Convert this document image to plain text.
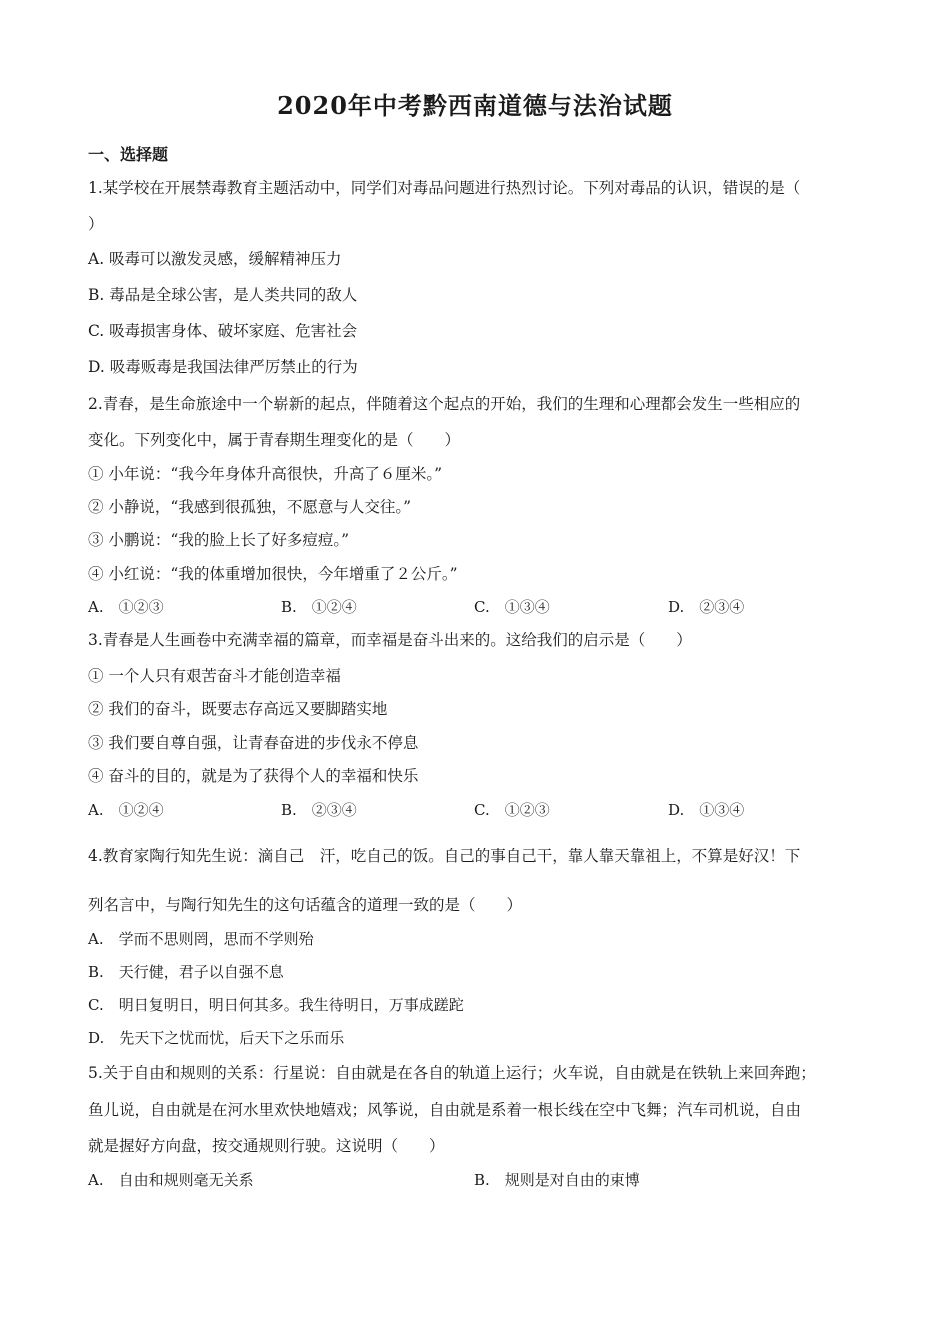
2020年中考黔西南道德与法治试题
一、选择题
1.某学校在开展禁毒教育主题活动中，同学们对毒品问题进行热烈讨论。下列对毒品的认识，错误的是（
）
A. 吸毒可以激发灵感，缓解精神压力
B. 毒品是全球公害，是人类共同的敌人
C. 吸毒损害身体、破坏家庭、危害社会
D. 吸毒贩毒是我国法律严厉禁止的行为
2.青春，是生命旅途中一个崭新的起点，伴随着这个起点的开始，我们的生理和心理都会发生一些相应的
变化。下列变化中，属于青春期生理变化的是（　　）
① 小年说：“我今年身体升高很快，升高了６厘米。”
② 小静说，“我感到很孤独，不愿意与人交往。”
③ 小鹏说：“我的脸上长了好多痘痘。”
④ 小红说：“我的体重增加很快，今年增重了２公斤。”
A.　①②③	B.　①②④	C.　①③④	D.　②③④
3.青春是人生画卷中充满幸福的篇章，而幸福是奋斗出来的。这给我们的启示是（　　）
① 一个人只有艰苦奋斗才能创造幸福
② 我们的奋斗，既要志存高远又要脚踏实地
③ 我们要自尊自强，让青春奋进的步伐永不停息
④ 奋斗的目的，就是为了获得个人的幸福和快乐
A.　①②④	B.　②③④	C.　①②③	D.　①③④
4.教育家陶行知先生说：滴自己　汗，吃自己的饭。自己的事自己干，靠人靠天靠祖上，不算是好汉！下
列名言中，与陶行知先生的这句话蕴含的道理一致的是（　　）
A.　学而不思则罔，思而不学则殆
B.　天行健，君子以自强不息
C.　明日复明日，明日何其多。我生待明日，万事成蹉跎
D.　先天下之忧而忧，后天下之乐而乐
5.关于自由和规则的关系：行星说：自由就是在各自的轨道上运行；火车说，自由就是在铁轨上来回奔跑；
鱼儿说，自由就是在河水里欢快地嬉戏；风筝说，自由就是系着一根长线在空中飞舞；汽车司机说，自由
就是握好方向盘，按交通规则行驶。这说明（　　）
A.　自由和规则毫无关系	B.　规则是对自由的束博
